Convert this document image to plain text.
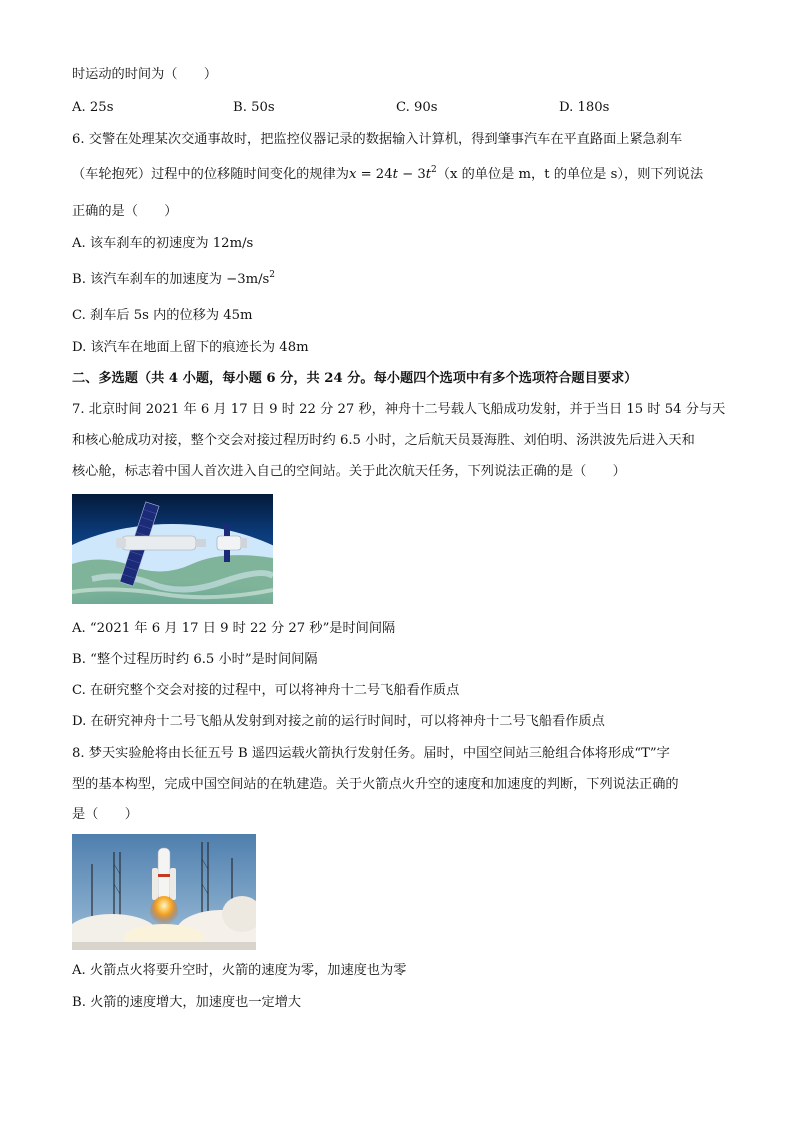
时运动的时间为（　　）
A. 25s	B. 50s	C. 90s	D. 180s
6. 交警在处理某次交通事故时，把监控仪器记录的数据输入计算机，得到肇事汽车在平直路面上紧急刹车
（车轮抱死）过程中的位移随时间变化的规律为$x = 24t - 3t^2(x$ 的单位是 m，t 的单位是 s），则下列说法
正确的是（　　）
A. 该车刹车的初速度为 12m/s
B. 该汽车刹车的加速度为 $-3m/s^2$
C. 刹车后 5s 内的位移为 45m
D. 该汽车在地面上留下的痕迹长为 48m
二、多选题（共 4 小题，每小题 6 分，共 24 分。每小题四个选项中有多个选项符合题目要求）
7. 北京时间 2021 年 6 月 17 日 9 时 22 分 27 秒，神舟十二号载人飞船成功发射，并于当日 15 时 54 分与天
和核心舱成功对接，整个交会对接过程历时约 6.5 小时，之后航天员聂海胜、刘伯明、汤洪波先后进入天和
核心舱，标志着中国人首次进入自己的空间站。关于此次航天任务，下列说法正确的是（　　）
A. “2021 年 6 月 17 日 9 时 22 分 27 秒”是时间间隔
B. “整个过程历时约 6.5 小时”是时间间隔
C. 在研究整个交会对接的过程中，可以将神舟十二号飞船看作质点
D. 在研究神舟十二号飞船从发射到对接之前的运行时间时，可以将神舟十二号飞船看作质点
8. 梦天实验舱将由长征五号 B 遥四运载火箭执行发射任务。届时，中国空间站三舱组合体将形成“T”字
型的基本构型，完成中国空间站的在轨建造。关于火箭点火升空的速度和加速度的判断，下列说法正确的
是（　　）
A. 火箭点火将要升空时，火箭的速度为零，加速度也为零
B. 火箭的速度增大，加速度也一定增大
